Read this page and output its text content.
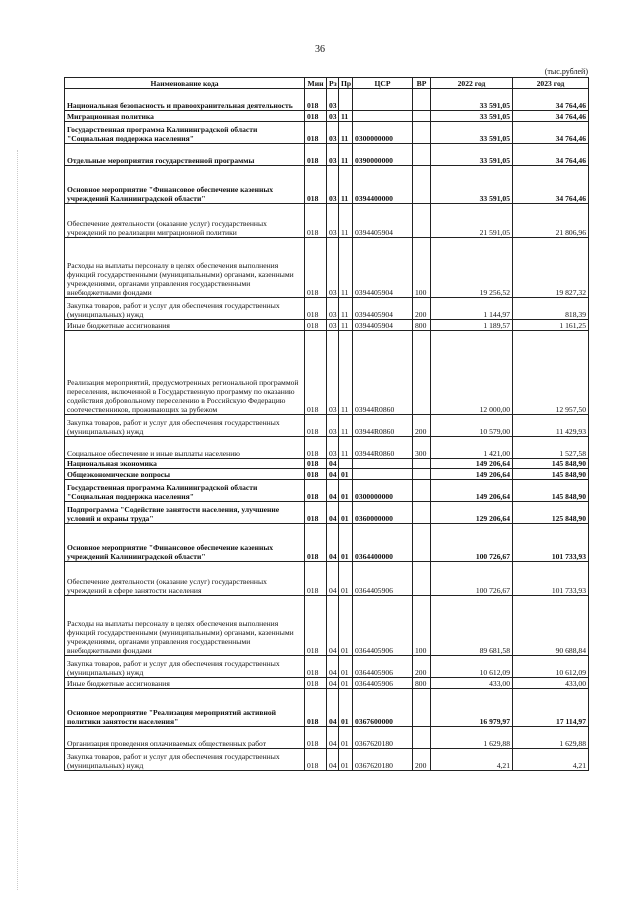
36
(тыс.рублей)
Наименование кода	Мин	Рз	Пр	ЦСР	ВР	2022 год	2023 год
Национальная безопасность и правоохранительная деятельность	018	03				33 591,05	34 764,46
Миграционная политика	018	03	11			33 591,05	34 764,46
Государственная программа Калининградской области "Социальная поддержка населения"	018	03	11	0300000000		33 591,05	34 764,46
Отдельные мероприятия государственной программы	018	03	11	0390000000		33 591,05	34 764,46
Основное мероприятие "Финансовое обеспечение казенных учреждений Калининградской области"	018	03	11	0394400000		33 591,05	34 764,46
Обеспечение деятельности (оказание услуг) государственных учреждений по реализации миграционной политики	018	03	11	0394405904		21 591,05	21 806,96
Расходы на выплаты персоналу в целях обеспечения выполнения функций государственными (муниципальными) органами, казенными учреждениями, органами управления государственными внебюджетными фондами	018	03	11	0394405904	100	19 256,52	19 827,32
Закупка товаров, работ и услуг для обеспечения государственных (муниципальных) нужд	018	03	11	0394405904	200	1 144,97	818,39
Иные бюджетные ассигнования	018	03	11	0394405904	800	1 189,57	1 161,25
Реализация мероприятий, предусмотренных региональной программой переселения, включенной в Государственную программу по оказанию содействия добровольному переселению в Российскую Федерацию соотечественников, проживающих за рубежом	018	03	11	03944R0860		12 000,00	12 957,50
Закупка товаров, работ и услуг для обеспечения государственных (муниципальных) нужд	018	03	11	03944R0860	200	10 579,00	11 429,93
Социальное обеспечение и иные выплаты населению	018	03	11	03944R0860	300	1 421,00	1 527,58
Национальная экономика	018	04				149 206,64	145 848,90
Общеэкономические вопросы	018	04	01			149 206,64	145 848,90
Государственная программа Калининградской области "Социальная поддержка населения"	018	04	01	0300000000		149 206,64	145 848,90
Подпрограмма "Содействие занятости населения, улучшение условий и охраны труда"	018	04	01	0360000000		129 206,64	125 848,90
Основное мероприятие "Финансовое обеспечение казенных учреждений Калининградской области"	018	04	01	0364400000		100 726,67	101 733,93
Обеспечение деятельности (оказание услуг) государственных учреждений в сфере занятости населения	018	04	01	0364405906		100 726,67	101 733,93
Расходы на выплаты персоналу в целях обеспечения выполнения функций государственными (муниципальными) органами, казенными учреждениями, органами управления государственными внебюджетными фондами	018	04	01	0364405906	100	89 681,58	90 688,84
Закупка товаров, работ и услуг для обеспечения государственных (муниципальных) нужд	018	04	01	0364405906	200	10 612,09	10 612,09
Иные бюджетные ассигнования	018	04	01	0364405906	800	433,00	433,00
Основное мероприятие "Реализация мероприятий активной политики занятости населения"	018	04	01	0367600000		16 979,97	17 114,97
Организация проведения оплачиваемых общественных работ	018	04	01	0367620180		1 629,88	1 629,88
Закупка товаров, работ и услуг для обеспечения государственных (муниципальных) нужд	018	04	01	0367620180	200	4,21	4,21
